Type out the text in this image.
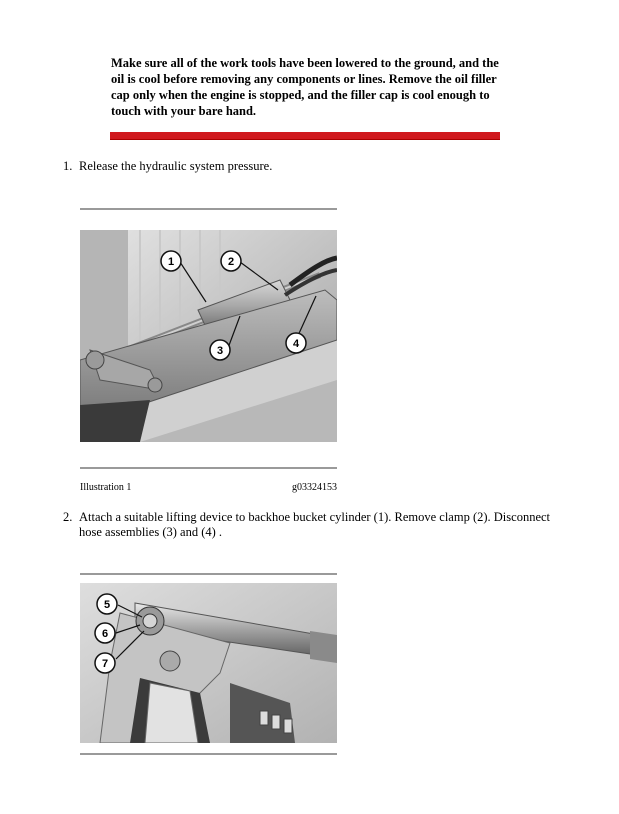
Make sure all of the work tools have been lowered to the ground, and the oil is cool before removing any components or lines. Remove the oil filler cap only when the engine is stopped, and the filler cap is cool enough to touch with your bare hand.
1. Release the hydraulic system pressure.
1	2
3
4
Illustration 1	g03324153
2. Attach a suitable lifting device to backhoe bucket cylinder (1). Remove clamp (2). Disconnect hose assemblies (3) and (4) .
5
6
7
